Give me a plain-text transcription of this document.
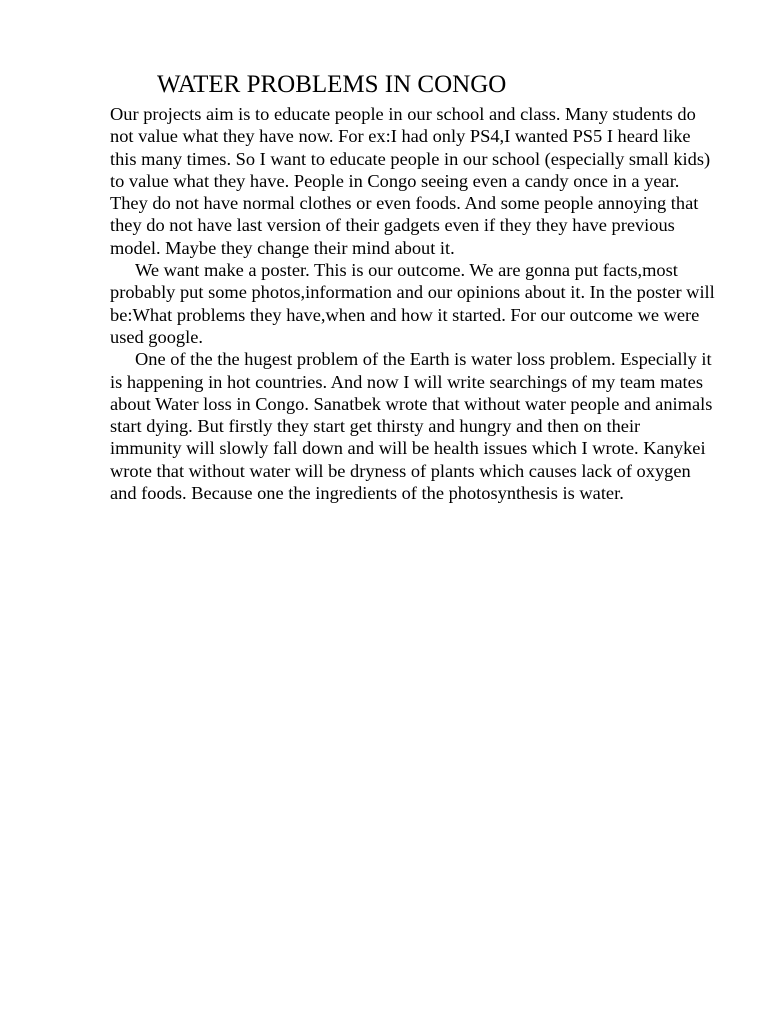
WATER PROBLEMS IN CONGO

Our projects aim is to educate people in our school and class. Many students do not value what they have now. For ex:I had only PS4,I wanted PS5 I heard like this many times. So I want to educate people in our school (especially small kids) to value what they have. People in Congo seeing even a candy once in a year. They do not have normal clothes or even foods. And some people annoying that they do not have last version of their gadgets even if they they have previous model. Maybe they change their mind about it.

We want make a poster. This is our outcome. We are gonna put facts,most probably put some photos,information and our opinions about it. In the poster will be:What problems they have,when and how it started. For our outcome we were used google.

One of the the hugest problem of the Earth is water loss problem. Especially it is happening in hot countries. And now I will write searchings of my team mates about Water loss in Congo. Sanatbek wrote that without water people and animals start dying. But firstly they start get thirsty and hungry and then on their immunity will slowly fall down and will be health issues which I wrote. Kanykei wrote that without water will be dryness of plants which causes lack of oxygen and foods. Because one the ingredients of the photosynthesis is water.
